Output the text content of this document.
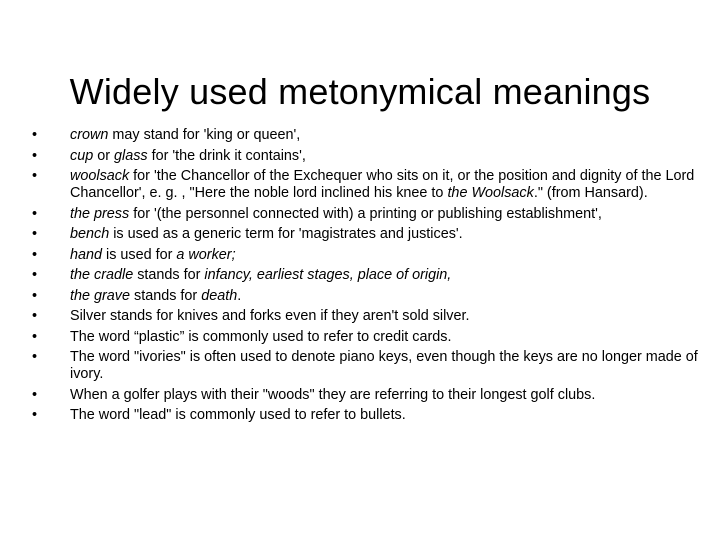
Widely used metonymical meanings
•	crown may stand for 'king or queen',
•	cup or glass for 'the drink it contains',
•	woolsack for 'the Chancellor of the Exchequer who sits on it, or the position and dignity of the Lord Chancellor', e. g. , "Here the noble lord inclined his knee to the Woolsack." (from Hansard).
•	the press for '(the personnel connected with) a printing or publishing establishment',
•	bench is used as a generic term for 'magistrates and justices'.
•	hand is used for a worker;
•	the cradle stands for infancy, earliest stages, place of origin,
•	the grave stands for death.
•	Silver stands for knives and forks even if they aren't sold silver.
•	The word “plastic” is commonly used to refer to credit cards.
•	The word "ivories" is often used to denote piano keys, even though the keys are no longer made of ivory.
•	When a golfer plays with their "woods" they are referring to their longest golf clubs.
•	The word "lead" is commonly used to refer to bullets.
